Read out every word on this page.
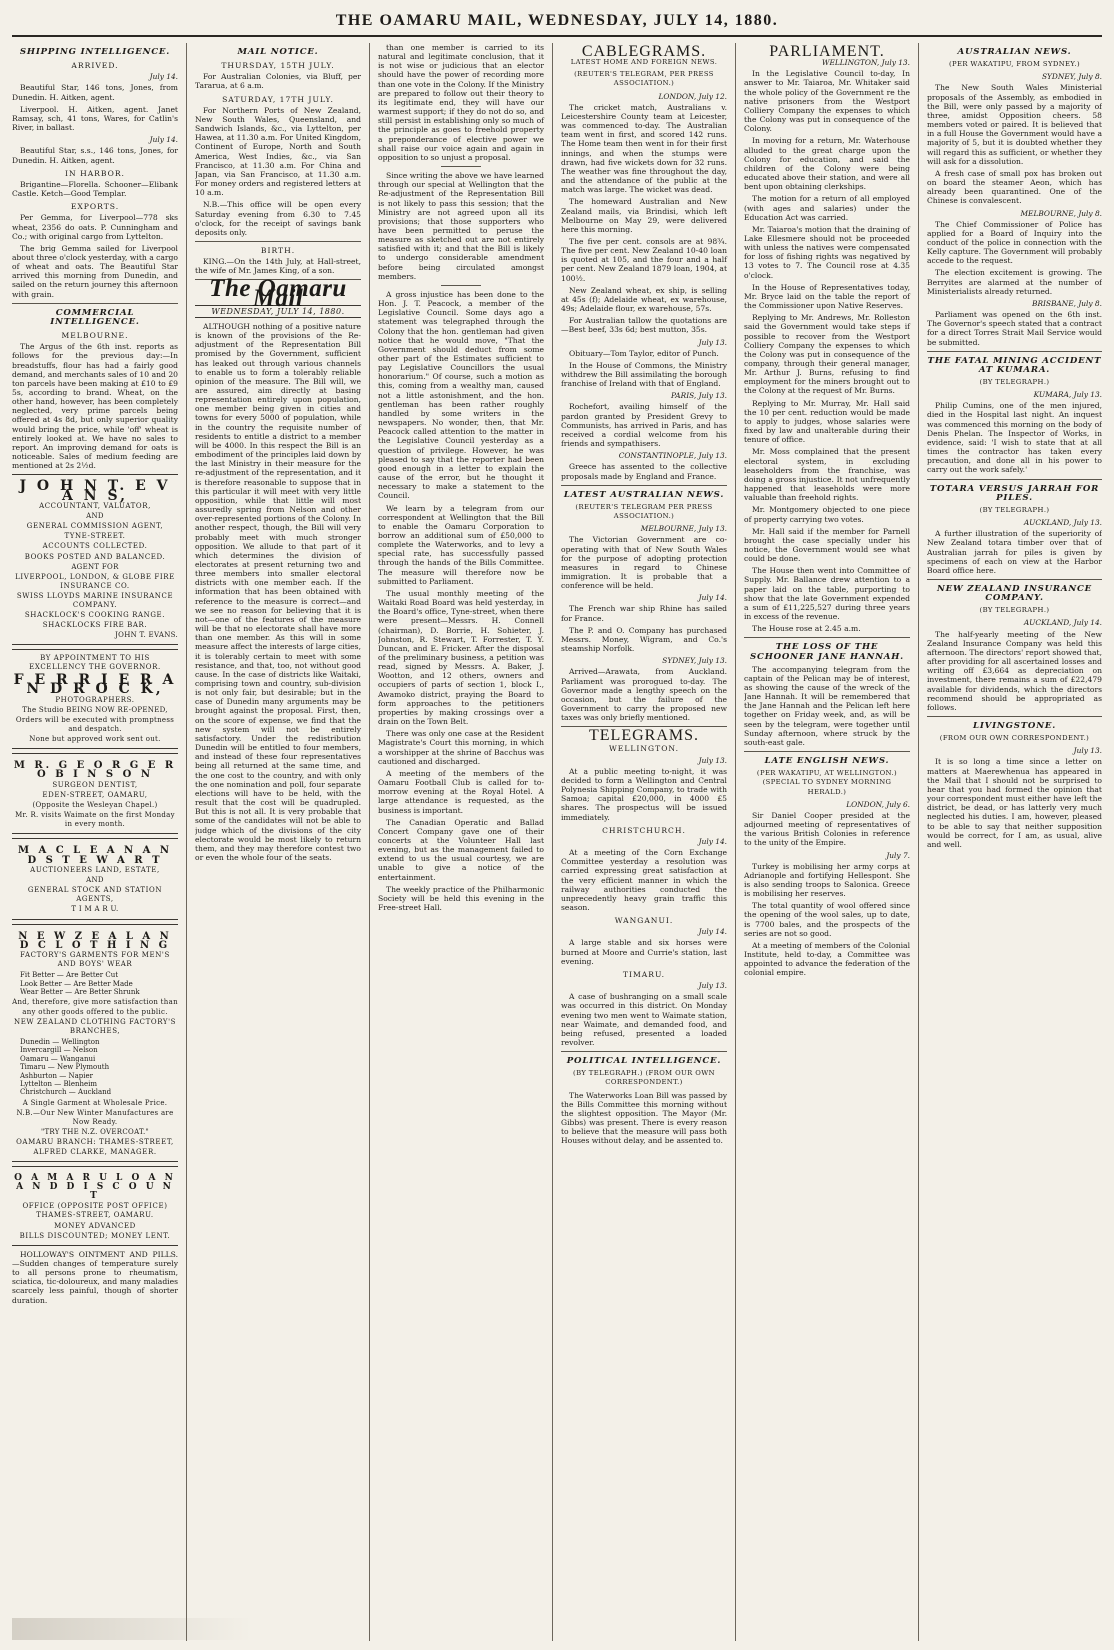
THE OAMARU MAIL, WEDNESDAY, JULY 14, 1880.
SHIPPING INTELLIGENCE.
ARRIVED.
July 14.

Beautiful Star, 146 tons, Jones, from Dunedin. H. Aitken, agent.

Liverpool. H. Aitken, agent. Janet Ramsay, sch, 41 tons, Wares, for Catlin's River, in ballast.

July 14.

Beautiful Star, s.s., 146 tons, Jones, for Dunedin. H. Aitken, agent.

IN HARBOR.

Brigantine—Florella. Schooner—Elibank Castle. Ketch—Good Templar.

EXPORTS.

Per Gemma, for Liverpool—778 sks wheat, 2356 do oats. P. Cunningham and Co.; with original cargo from Lyttelton.

The brig Gemma sailed for Liverpool about three o'clock yesterday, with a cargo of wheat and oats. The Beautiful Star arrived this morning from Dunedin, and sailed on the return journey this afternoon with grain.

COMMERCIAL INTELLIGENCE.
MELBOURNE.

The Argus of the 6th inst. reports as follows for the previous day:—In breadstuffs, flour has had a fairly good demand, and merchants sales of 10 and 20 ton parcels have been making at £10 to £9 5s, according to brand. Wheat, on the other hand, however, has been completely neglected, very prime parcels being offered at 4s 8d, but only superior quality would bring the price, while 'off' wheat is entirely looked at. We have no sales to report. An improving demand for oats is noticeable. Sales of medium feeding are mentioned at 2s 2½d.

J O H N T. E V A N S,
ACCOUNTANT, VALUATOR,
AND
GENERAL COMMISSION AGENT,
TYNE-STREET.
ACCOUNTS COLLECTED.
BOOKS POSTED AND BALANCED.
AGENT FOR
LIVERPOOL, LONDON, & GLOBE FIRE INSURANCE CO.
SWISS LLOYDS MARINE INSURANCE COMPANY.
SHACKLOCK'S COOKING RANGE. SHACKLOCKS FIRE BAR.
JOHN T. EVANS.
BY APPOINTMENT TO HIS EXCELLENCY THE GOVERNOR.
F E R R I E R A N D R O C K,
PHOTOGRAPHERS.
The Studio BEING NOW RE-OPENED,
Orders will be executed with promptness and despatch.
None but approved work sent out.
M R. G E O R G E R O B I N S O N
SURGEON DENTIST,
EDEN-STREET, OAMARU,
(Opposite the Wesleyan Chapel.)
Mr. R. visits Waimate on the first Monday in every month.
M A C L E A N A N D S T E W A R T
AUCTIONEERS LAND, ESTATE,
AND
GENERAL STOCK AND STATION AGENTS,
T I M A R U.
N E W Z E A L A N D C L O T H I N G
FACTORY'S GARMENTS FOR MEN'S AND BOYS' WEAR
Fit Better — Are Better Cut
Look Better — Are Better Made
Wear Better — Are Better Shrunk
And, therefore, give more satisfaction than any other goods offered to the public.
NEW ZEALAND CLOTHING FACTORY'S BRANCHES,
Dunedin — Wellington
Invercargill — Nelson
Oamaru — Wanganui
Timaru — New Plymouth
Ashburton — Napier
Lyttelton — Blenheim
Christchurch — Auckland
A Single Garment at Wholesale Price.
N.B.—Our New Winter Manufactures are Now Ready.
"TRY THE N.Z. OVERCOAT."
OAMARU BRANCH: THAMES-STREET, ALFRED CLARKE, MANAGER.
O A M A R U L O A N A N D D I S C O U N T
OFFICE (OPPOSITE POST OFFICE) THAMES-STREET, OAMARU.
MONEY ADVANCED
BILLS DISCOUNTED; MONEY LENT.

HOLLOWAY'S OINTMENT AND PILLS.—Sudden changes of temperature surely to all persons prone to rheumatism, sciatica, tic-doloureux, and many maladies scarcely less painful, though of shorter duration.

MAIL NOTICE.
THURSDAY, 15TH JULY.

For Australian Colonies, via Bluff, per Tararua, at 6 a.m.

SATURDAY, 17TH JULY.

For Northern Ports of New Zealand, New South Wales, Queensland, and Sandwich Islands, &c., via Lyttelton, per Hawea, at 11.30 a.m. For United Kingdom, Continent of Europe, North and South America, West Indies, &c., via San Francisco, at 11.30 a.m. For China and Japan, via San Francisco, at 11.30 a.m. For money orders and registered letters at 10 a.m.

N.B.—This office will be open every Saturday evening from 6.30 to 7.45 o'clock, for the receipt of savings bank deposits only.

BIRTH.

KING.—On the 14th July, at Hall-street, the wife of Mr. James King, of a son.

The Oamaru Mail
WEDNESDAY, JULY 14, 1880.

ALTHOUGH nothing of a positive nature is known of the provisions of the Re-adjustment of the Representation Bill promised by the Government, sufficient has leaked out through various channels to enable us to form a tolerably reliable opinion of the measure. The Bill will, we are assured, aim directly at basing representation entirely upon population, one member being given in cities and towns for every 5000 of population, while in the country the requisite number of residents to entitle a district to a member will be 4000. In this respect the Bill is an embodiment of the principles laid down by the last Ministry in their measure for the re-adjustment of the representation, and it is therefore reasonable to suppose that in this particular it will meet with very little opposition, while that little will most assuredly spring from Nelson and other over-represented portions of the Colony. In another respect, though, the Bill will very probably meet with much stronger opposition. We allude to that part of it which determines the division of electorates at present returning two and three members into smaller electoral districts with one member each. If the information that has been obtained with reference to the measure is correct—and we see no reason for believing that it is not—one of the features of the measure will be that no electorate shall have more than one member. As this will in some measure affect the interests of large cities, it is tolerably certain to meet with some resistance, and that, too, not without good cause. In the case of districts like Waitaki, comprising town and country, sub-division is not only fair, but desirable; but in the case of Dunedin many arguments may be brought against the proposal. First, then, on the score of expense, we find that the new system will not be entirely satisfactory. Under the redistribution Dunedin will be entitled to four members, and instead of these four representatives being all returned at the same time, and the one cost to the country, and with only the one nomination and poll, four separate elections will have to be held, with the result that the cost will be quadrupled. But this is not all. It is very probable that some of the candidates will not be able to judge which of the divisions of the city electorate would be most likely to return them, and they may therefore contest two or even the whole four of the seats.

than one member is carried to its natural and legitimate conclusion, that it is not wise or judicious that an elector should have the power of recording more than one vote in the Colony. If the Ministry are prepared to follow out their theory to its legitimate end, they will have our warmest support; if they do not do so, and still persist in establishing only so much of the principle as goes to freehold property a preponderance of elective power we shall raise our voice again and again in opposition to so unjust a proposal.

Since writing the above we have learned through our special at Wellington that the Re-adjustment of the Representation Bill is not likely to pass this session; that the Ministry are not agreed upon all its provisions; that those supporters who have been permitted to peruse the measure as sketched out are not entirely satisfied with it; and that the Bill is likely to undergo considerable amendment before being circulated amongst members.

A gross injustice has been done to the Hon. J. T. Peacock, a member of the Legislative Council. Some days ago a statement was telegraphed through the Colony that the hon. gentleman had given notice that he would move, "That the Government should deduct from some other part of the Estimates sufficient to pay Legislative Councillors the usual honorarium." Of course, such a motion as this, coming from a wealthy man, caused not a little astonishment, and the hon. gentleman has been rather roughly handled by some writers in the newspapers. No wonder, then, that Mr. Peacock called attention to the matter in the Legislative Council yesterday as a question of privilege. However, he was pleased to say that the reporter had been good enough in a letter to explain the cause of the error, but he thought it necessary to make a statement to the Council.

We learn by a telegram from our correspondent at Wellington that the Bill to enable the Oamaru Corporation to borrow an additional sum of £50,000 to complete the Waterworks, and to levy a special rate, has successfully passed through the hands of the Bills Committee. The measure will therefore now be submitted to Parliament.

The usual monthly meeting of the Waitaki Road Board was held yesterday, in the Board's office, Tyne-street, when there were present—Messrs. H. Connell (chairman), D. Borrie, H. Sohieter, J. Johnston, R. Stewart, T. Forrester, T. Y. Duncan, and E. Fricker. After the disposal of the preliminary business, a petition was read, signed by Messrs. A. Baker, J. Wootton, and 12 others, owners and occupiers of parts of section 1, block I., Awamoko district, praying the Board to form approaches to the petitioners properties by making crossings over a drain on the Town Belt.

There was only one case at the Resident Magistrate's Court this morning, in which a worshipper at the shrine of Bacchus was cautioned and discharged.

A meeting of the members of the Oamaru Football Club is called for to-morrow evening at the Royal Hotel. A large attendance is requested, as the business is important.

The Canadian Operatic and Ballad Concert Company gave one of their concerts at the Volunteer Hall last evening, but as the management failed to extend to us the usual courtesy, we are unable to give a notice of the entertainment.

The weekly practice of the Philharmonic Society will be held this evening in the Free-street Hall.

CABLEGRAMS.
LATEST HOME AND FOREIGN NEWS.
(REUTER'S TELEGRAM, PER PRESS ASSOCIATION.)
LONDON, July 12.

The cricket match, Australians v. Leicestershire County team at Leicester, was commenced to-day. The Australian team went in first, and scored 142 runs. The Home team then went in for their first innings, and when the stumps were drawn, had five wickets down for 32 runs. The weather was fine throughout the day, and the attendance of the public at the match was large. The wicket was dead.

The homeward Australian and New Zealand mails, via Brindisi, which left Melbourne on May 29, were delivered here this morning.

The five per cent. consols are at 98¾. The five per cent. New Zealand 10-40 loan is quoted at 105, and the four and a half per cent. New Zealand 1879 loan, 1904, at 100½.

New Zealand wheat, ex ship, is selling at 45s (f); Adelaide wheat, ex warehouse, 49s; Adelaide flour, ex warehouse, 57s.

For Australian tallow the quotations are—Best beef, 33s 6d; best mutton, 35s.

July 13.

Obituary—Tom Taylor, editor of Punch.

In the House of Commons, the Ministry withdrew the Bill assimilating the borough franchise of Ireland with that of England.

PARIS, July 13.

Rochefort, availing himself of the pardon granted by President Grevy to Communists, has arrived in Paris, and has received a cordial welcome from his friends and sympathisers.

CONSTANTINOPLE, July 13.

Greece has assented to the collective proposals made by England and France.

LATEST AUSTRALIAN NEWS.
(REUTER'S TELEGRAM PER PRESS ASSOCIATION.)
MELBOURNE, July 13.

The Victorian Government are co-operating with that of New South Wales for the purpose of adopting protection measures in regard to Chinese immigration. It is probable that a conference will be held.

July 14.

The French war ship Rhine has sailed for France.

The P. and O. Company has purchased Messrs. Money, Wigram, and Co.'s steamship Norfolk.

SYDNEY, July 13.

Arrived—Arawata, from Auckland. Parliament was prorogued to-day. The Governor made a lengthy speech on the occasion, but the failure of the Government to carry the proposed new taxes was only briefly mentioned.

TELEGRAMS.
WELLINGTON.
July 13.

At a public meeting to-night, it was decided to form a Wellington and Central Polynesia Shipping Company, to trade with Samoa; capital £20,000, in 4000 £5 shares. The prospectus will be issued immediately.

CHRISTCHURCH.
July 14.

At a meeting of the Corn Exchange Committee yesterday a resolution was carried expressing great satisfaction at the very efficient manner in which the railway authorities conducted the unprecedently heavy grain traffic this season.

WANGANUI.
July 14.

A large stable and six horses were burned at Moore and Currie's station, last evening.

TIMARU.
July 13.

A case of bushranging on a small scale was occurred in this district. On Monday evening two men went to Waimate station, near Waimate, and demanded food, and being refused, presented a loaded revolver.

POLITICAL INTELLIGENCE.
(BY TELEGRAPH.) (FROM OUR OWN CORRESPONDENT.)

The Waterworks Loan Bill was passed by the Bills Committee this morning without the slightest opposition. The Mayor (Mr. Gibbs) was present. There is every reason to believe that the measure will pass both Houses without delay, and be assented to.

PARLIAMENT.
WELLINGTON, July 13.

In the Legislative Council to-day, In answer to Mr. Taiaroa, Mr. Whitaker said the whole policy of the Government re the native prisoners from the Westport Colliery Company the expenses to which the Colony was put in consequence of the Colony.

In moving for a return, Mr. Waterhouse alluded to the great charge upon the Colony for education, and said the children of the Colony were being educated above their station, and were all bent upon obtaining clerkships.

The motion for a return of all employed (with ages and salaries) under the Education Act was carried.

Mr. Taiaroa's motion that the draining of Lake Ellesmere should not be proceeded with unless the natives were compensated for loss of fishing rights was negatived by 13 votes to 7. The Council rose at 4.35 o'clock.

In the House of Representatives today, Mr. Bryce laid on the table the report of the Commissioner upon Native Reserves.

Replying to Mr. Andrews, Mr. Rolleston said the Government would take steps if possible to recover from the Westport Colliery Company the expenses to which the Colony was put in consequence of the company, through their general manager, Mr. Arthur J. Burns, refusing to find employment for the miners brought out to the Colony at the request of Mr. Burns.

Replying to Mr. Murray, Mr. Hall said the 10 per cent. reduction would be made to apply to judges, whose salaries were fixed by law and unalterable during their tenure of office.

Mr. Moss complained that the present electoral system, in excluding leaseholders from the franchise, was doing a gross injustice. It not unfrequently happened that leaseholds were more valuable than freehold rights.

Mr. Montgomery objected to one piece of property carrying two votes.

Mr. Hall said if the member for Parnell brought the case specially under his notice, the Government would see what could be done.

The House then went into Committee of Supply. Mr. Ballance drew attention to a paper laid on the table, purporting to show that the late Government expended a sum of £11,225,527 during three years in excess of the revenue.

The House rose at 2.45 a.m.

THE LOSS OF THE SCHOONER JANE HANNAH.

The accompanying telegram from the captain of the Pelican may be of interest, as showing the cause of the wreck of the Jane Hannah. It will be remembered that the Jane Hannah and the Pelican left here together on Friday week, and, as will be seen by the telegram, were together until Sunday afternoon, where struck by the south-east gale.

LATE ENGLISH NEWS.
(PER WAKATIPU, AT WELLINGTON.) (SPECIAL TO SYDNEY MORNING HERALD.)
LONDON, July 6.

Sir Daniel Cooper presided at the adjourned meeting of representatives of the various British Colonies in reference to the unity of the Empire.

July 7.

Turkey is mobilising her army corps at Adrianople and fortifying Hellespont. She is also sending troops to Salonica. Greece is mobilising her reserves.

The total quantity of wool offered since the opening of the wool sales, up to date, is 7700 bales, and the prospects of the series are not so good.

At a meeting of members of the Colonial Institute, held to-day, a Committee was appointed to advance the federation of the colonial empire.

AUSTRALIAN NEWS.
(PER WAKATIPU, FROM SYDNEY.)
SYDNEY, July 8.

The New South Wales Ministerial proposals of the Assembly, as embodied in the Bill, were only passed by a majority of three, amidst Opposition cheers. 58 members voted or paired. It is believed that in a full House the Government would have a majority of 5, but it is doubted whether they will regard this as sufficient, or whether they will ask for a dissolution.

A fresh case of small pox has broken out on board the steamer Aeon, which has already been quarantined. One of the Chinese is convalescent.

MELBOURNE, July 8.

The Chief Commissioner of Police has applied for a Board of Inquiry into the conduct of the police in connection with the Kelly capture. The Government will probably accede to the request.

The election excitement is growing. The Berryites are alarmed at the number of Ministerialists already returned.

BRISBANE, July 8.

Parliament was opened on the 6th inst. The Governor's speech stated that a contract for a direct Torres Strait Mail Service would be submitted.

THE FATAL MINING ACCIDENT AT KUMARA.
(BY TELEGRAPH.)
KUMARA, July 13.

Philip Cumins, one of the men injured, died in the Hospital last night. An inquest was commenced this morning on the body of Denis Phelan. The Inspector of Works, in evidence, said: 'I wish to state that at all times the contractor has taken every precaution, and done all in his power to carry out the work safely.'

TOTARA VERSUS JARRAH FOR PILES.
(BY TELEGRAPH.)
AUCKLAND, July 13.

A further illustration of the superiority of New Zealand totara timber over that of Australian jarrah for piles is given by specimens of each on view at the Harbor Board office here.

NEW ZEALAND INSURANCE COMPANY.
(BY TELEGRAPH.)
AUCKLAND, July 14.

The half-yearly meeting of the New Zealand Insurance Company was held this afternoon. The directors' report showed that, after providing for all ascertained losses and writing off £3,664 as depreciation on investment, there remains a sum of £22,479 available for dividends, which the directors recommend should be appropriated as follows.

LIVINGSTONE.
(FROM OUR OWN CORRESPONDENT.)
July 13.

It is so long a time since a letter on matters at Maerewhenua has appeared in the Mail that I should not be surprised to hear that you had formed the opinion that your correspondent must either have left the district, be dead, or has latterly very much neglected his duties. I am, however, pleased to be able to say that neither supposition would be correct, for I am, as usual, alive and well.
